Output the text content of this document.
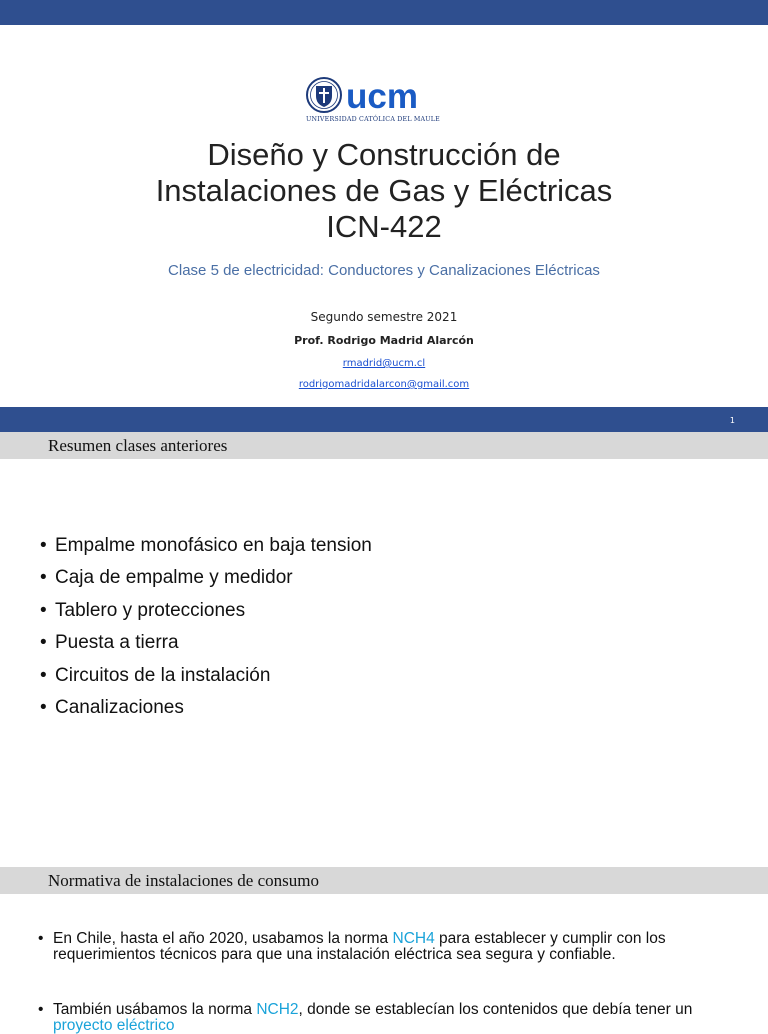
ucm
UNIVERSIDAD CATÓLICA DEL MAULE
Diseño y Construcción de
Instalaciones de Gas y Eléctricas
ICN-422
Clase 5 de electricidad: Conductores y Canalizaciones Eléctricas
Segundo semestre 2021
Prof. Rodrigo Madrid Alarcón
rmadrid@ucm.cl
rodrigomadridalarcon@gmail.com
1
Resumen clases anteriores
• Empalme monofásico en baja tension
• Caja de empalme y medidor
• Tablero y protecciones
• Puesta a tierra
• Circuitos de la instalación
• Canalizaciones
Normativa de instalaciones de consumo
• En Chile, hasta el año 2020, usabamos la norma NCH4 para establecer y cumplir con los requerimientos técnicos para que una instalación eléctrica sea segura y confiable.
• También usábamos la norma NCH2, donde se establecían los contenidos que debía tener un proyecto eléctrico
